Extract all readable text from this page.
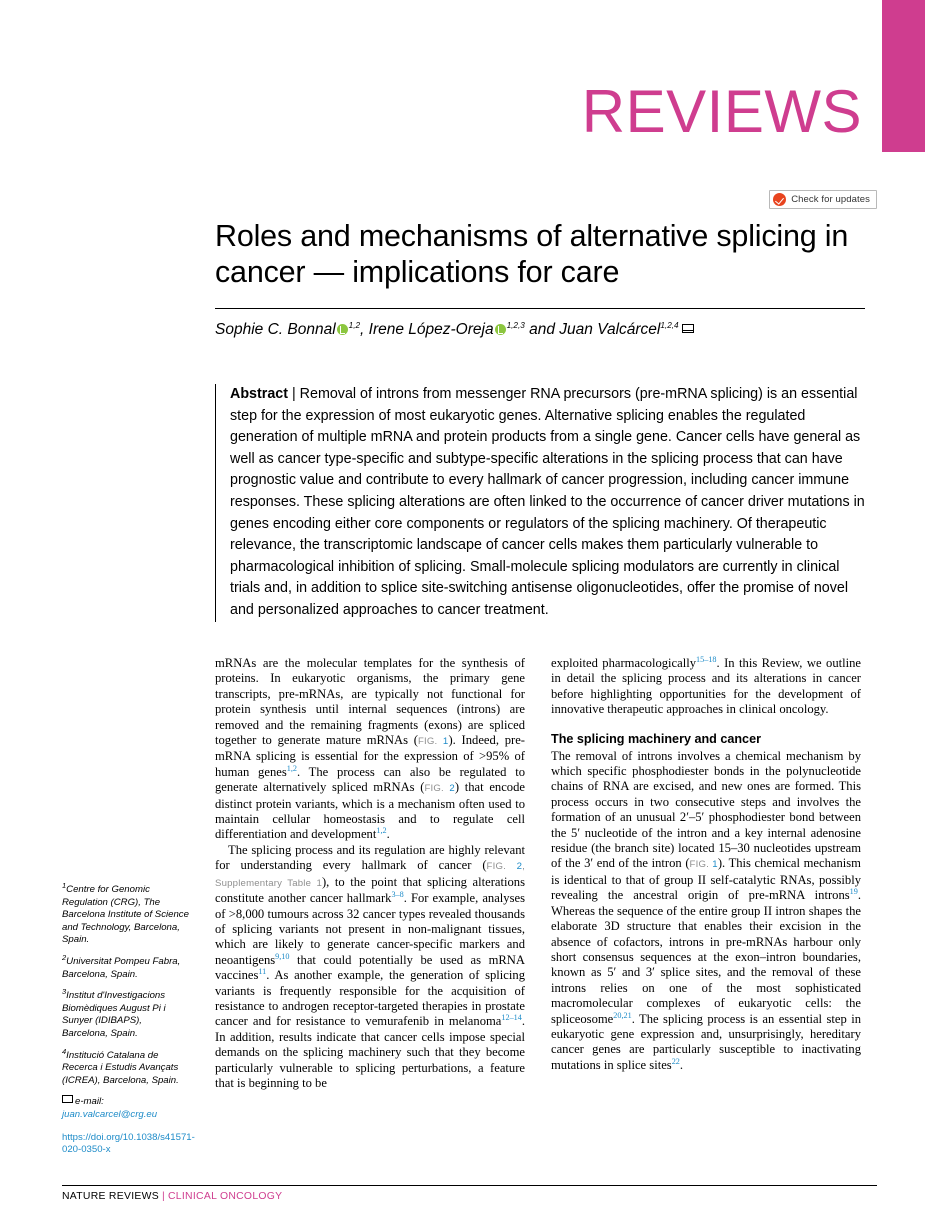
REVIEWS
Check for updates
Roles and mechanisms of alternative splicing in cancer — implications for care
Sophie C. Bonnal $^{1,2}$, Irene López-Oreja $^{1,2,3}$ and Juan Valcárcel$^{1,2,4}$
Abstract | Removal of introns from messenger RNA precursors (pre-mRNA splicing) is an essential step for the expression of most eukaryotic genes. Alternative splicing enables the regulated generation of multiple mRNA and protein products from a single gene. Cancer cells have general as well as cancer type-specific and subtype-specific alterations in the splicing process that can have prognostic value and contribute to every hallmark of cancer progression, including cancer immune responses. These splicing alterations are often linked to the occurrence of cancer driver mutations in genes encoding either core components or regulators of the splicing machinery. Of therapeutic relevance, the transcriptomic landscape of cancer cells makes them particularly vulnerable to pharmacological inhibition of splicing. Small-molecule splicing modulators are currently in clinical trials and, in addition to splice site-switching antisense oligonucleotides, offer the promise of novel and personalized approaches to cancer treatment.

mRNAs are the molecular templates for the synthesis of proteins. In eukaryotic organisms, the primary gene transcripts, pre-mRNAs, are typically not functional for protein synthesis until internal sequences (introns) are removed and the remaining fragments (exons) are spliced together to generate mature mRNAs (FIG. 1). Indeed, pre-mRNA splicing is essential for the expression of >95% of human genes$^{1,2}$. The process can also be regulated to generate alternatively spliced mRNAs (FIG. 2) that encode distinct protein variants, which is a mechanism often used to maintain cellular homeostasis and to regulate cell differentiation and development$^{1,2}$.

The splicing process and its regulation are highly relevant for understanding every hallmark of cancer (FIG. 2, Supplementary Table 1), to the point that splicing alterations constitute another cancer hallmark$^{3-8}$. For example, analyses of >8,000 tumours across 32 cancer types revealed thousands of splicing variants not present in non-malignant tissues, which are likely to generate cancer-specific markers and neoantigens$^{9,10}$ that could potentially be used as mRNA vaccines$^{11}$. As another example, the generation of splicing variants is frequently responsible for the acquisition of resistance to androgen receptor-targeted therapies in prostate cancer and for resistance to vemurafenib in melanoma$^{12-14}$. In addition, results indicate that cancer cells impose special demands on the splicing machinery such that they become particularly vulnerable to splicing perturbations, a feature that is beginning to be

exploited pharmacologically$^{15-18}$. In this Review, we outline in detail the splicing process and its alterations in cancer before highlighting opportunities for the development of innovative therapeutic approaches in clinical oncology.

The splicing machinery and cancer

The removal of introns involves a chemical mechanism by which specific phosphodiester bonds in the polynucleotide chains of RNA are excised, and new ones are formed. This process occurs in two consecutive steps and involves the formation of an unusual 2′–5′ phosphodiester bond between the 5′ nucleotide of the intron and a key internal adenosine residue (the branch site) located 15–30 nucleotides upstream of the 3′ end of the intron (FIG. 1). This chemical mechanism is identical to that of group II self-catalytic RNAs, possibly revealing the ancestral origin of pre-mRNA introns$^{19}$. Whereas the sequence of the entire group II intron shapes the elaborate 3D structure that enables their excision in the absence of cofactors, introns in pre-mRNAs harbour only short consensus sequences at the exon–intron boundaries, known as 5′ and 3′ splice sites, and the removal of these introns relies on one of the most sophisticated macromolecular complexes of eukaryotic cells: the spliceosome$^{20,21}$. The splicing process is an essential step in eukaryotic gene expression and, unsurprisingly, hereditary cancer genes are particularly susceptible to inactivating mutations in splice sites$^{22}$.

$^1$Centre for Genomic Regulation (CRG), The Barcelona Institute of Science and Technology, Barcelona, Spain.

$^2$Universitat Pompeu Fabra, Barcelona, Spain.

$^3$Institut d'Investigacions Biomèdiques August Pi i Sunyer (IDIBAPS), Barcelona, Spain.

$^4$Institució Catalana de Recerca i Estudis Avançats (ICREA), Barcelona, Spain.

e-mail: juan.valcarcel@crg.eu

https://doi.org/10.1038/s41571-020-0350-x
NATURE REVIEWS | CLINICAL ONCOLOGY
